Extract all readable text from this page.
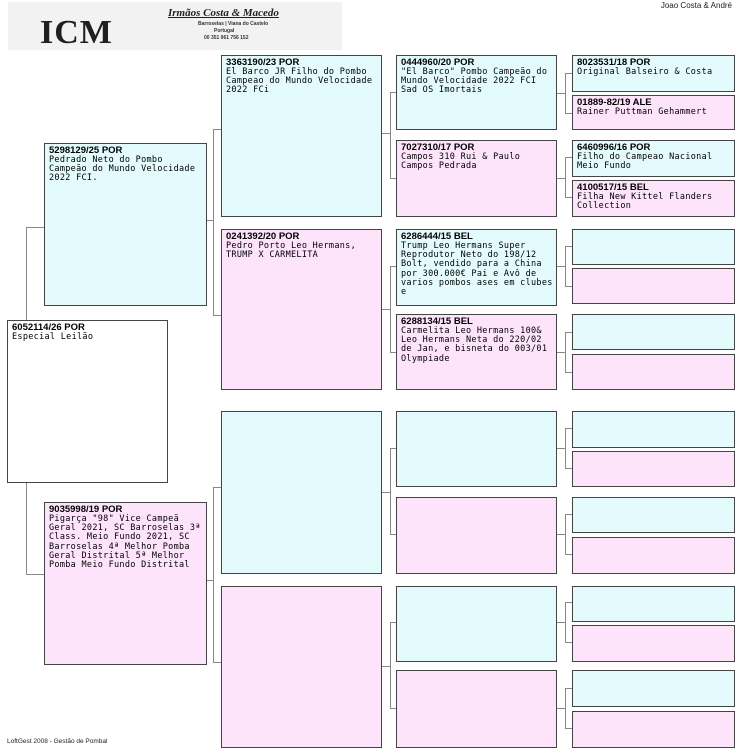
ICM
Irmãos Costa & Macedo
Barroselas | Viana do Castelo
Portugal
00 351 961 756 152
Joao Costa & André
6052114/26 POR
Especial Leilão
5298129/25 POR
Pedrado Neto do Pombo Campeão do Mundo Velocidade 2022 FCI.
9035998/19 POR
Pigarça "98" Vice Campeã Geral 2021, SC Barroselas 3ª Class. Meio Fundo 2021, SC Barroselas 4ª Melhor Pomba Geral Distrital 5ª Melhor Pomba Meio Fundo Distrital
3363190/23 POR
El Barco JR Filho do Pombo Campeao do Mundo Velocidade 2022 FCi
0241392/20 POR
Pedro Porto Leo Hermans, TRUMP X CARMELITA
0444960/20 POR
"El Barco" Pombo Campeão do Mundo Velocidade 2022 FCI Sad OS Imortais
7027310/17 POR
Campos 310 Rui & Paulo Campos Pedrada
6286444/15 BEL
Trump Leo Hermans Super Reprodutor Neto do 198/12 Bolt, vendido para a China por 300.000€ Pai e Avô de varios pombos ases em clubes e
6288134/15 BEL
Carmelita Leo Hermans 100& Leo Hermans Neta do 220/02 de Jan, e bisneta do 003/01 Olympiade
8023531/18 POR
Original Balseiro & Costa
01889-82/19 ALE
Rainer Puttman Gehammert
6460996/16 POR
Filho do Campeao Nacional Meio Fundo
4100517/15 BEL
Filha New Kittel Flanders Collection
LoftGest 2008 - Gestão de Pombal
